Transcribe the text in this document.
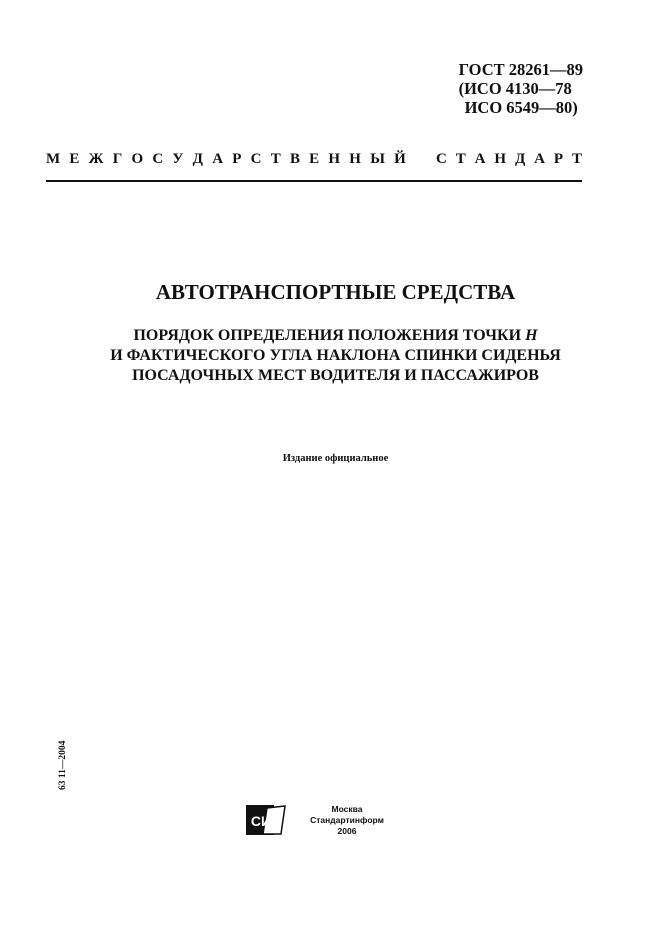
ГОСТ 28261—89
(ИСО 4130—78
ИСО 6549—80)
М Е Ж Г О С У Д А Р С Т В Е Н Н Ы Й С Т А Н Д А Р Т
АВТОТРАНСПОРТНЫЕ СРЕДСТВА
ПОРЯДОК ОПРЕДЕЛЕНИЯ ПОЛОЖЕНИЯ ТОЧКИ H
И ФАКТИЧЕСКОГО УГЛА НАКЛОНА СПИНКИ СИДЕНЬЯ
ПОСАДОЧНЫХ МЕСТ ВОДИТЕЛЯ И ПАССАЖИРОВ
Издание официальное
63 11—2004
СИ
Москва
Стандартинформ
2006
